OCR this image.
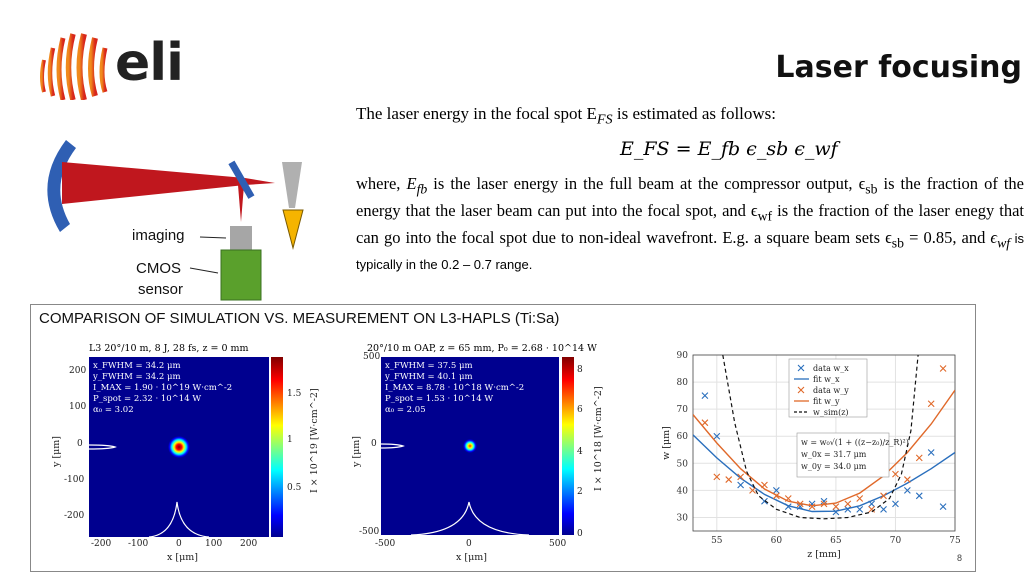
eli	Laser focusing
The laser energy in the focal spot $E_{FS}$ is estimated as follows:
E_FS = E_fb ϵ_sb ϵ_wf
where, $E_{fb}$ is the laser energy in the full beam at the compressor output, $\epsilon_{sb}$ is the fraction of the energy that the laser beam can put into the focal spot, and $\epsilon_{wf}$ is the fraction of the laser enegy that can go into the focal spot due to non-ideal wavefront. E.g. a square beam sets $\epsilon_{sb} = 0.85$, and $\epsilon_{wf}$ is typically in the 0.2 – 0.7 range.
imaging
CMOS
sensor
COMPARISON OF SIMULATION VS. MEASUREMENT ON L3-HAPLS (Ti:Sa)
L3 20°/10 m, 8 J, 28 fs, z = 0 mm
x_FWHM = 34.2 μm
y_FWHM = 34.2 μm
I_MAX = 1.90 · 10^19 W·cm^-2
P_spot = 2.32 · 10^14 W
α₀ = 3.02
200
100
0
-100
-200
-200 -100	0	100 200
x [μm]
y [μm]
1.5
1
0.5 I × 10^19 [W·cm^-2]
20°/10 m OAP, z = 65 mm, P₀ = 2.68 · 10^14 W
x_FWHM = 37.5 μm
y_FWHM = 40.1 μm
I_MAX = 8.78 · 10^18 W·cm^-2
P_spot = 1.53 · 10^14 W
α₀ = 2.05
500
0
-500
-500	0	500
x [μm]
y [μm]
8
6
4
2
0
I × 10^18 [W·cm^-2]
55	60	65	70	75
30
40
50
60
70
80
90
z [mm]
w [μm]
data w_x
fit w_x
data w_y
fit w_y
w_sim(z)
w = w₀√(1 + ((z−z₀)/z_R)²)
w_0x = 31.7 μm
w_0y = 34.0 μm
8
